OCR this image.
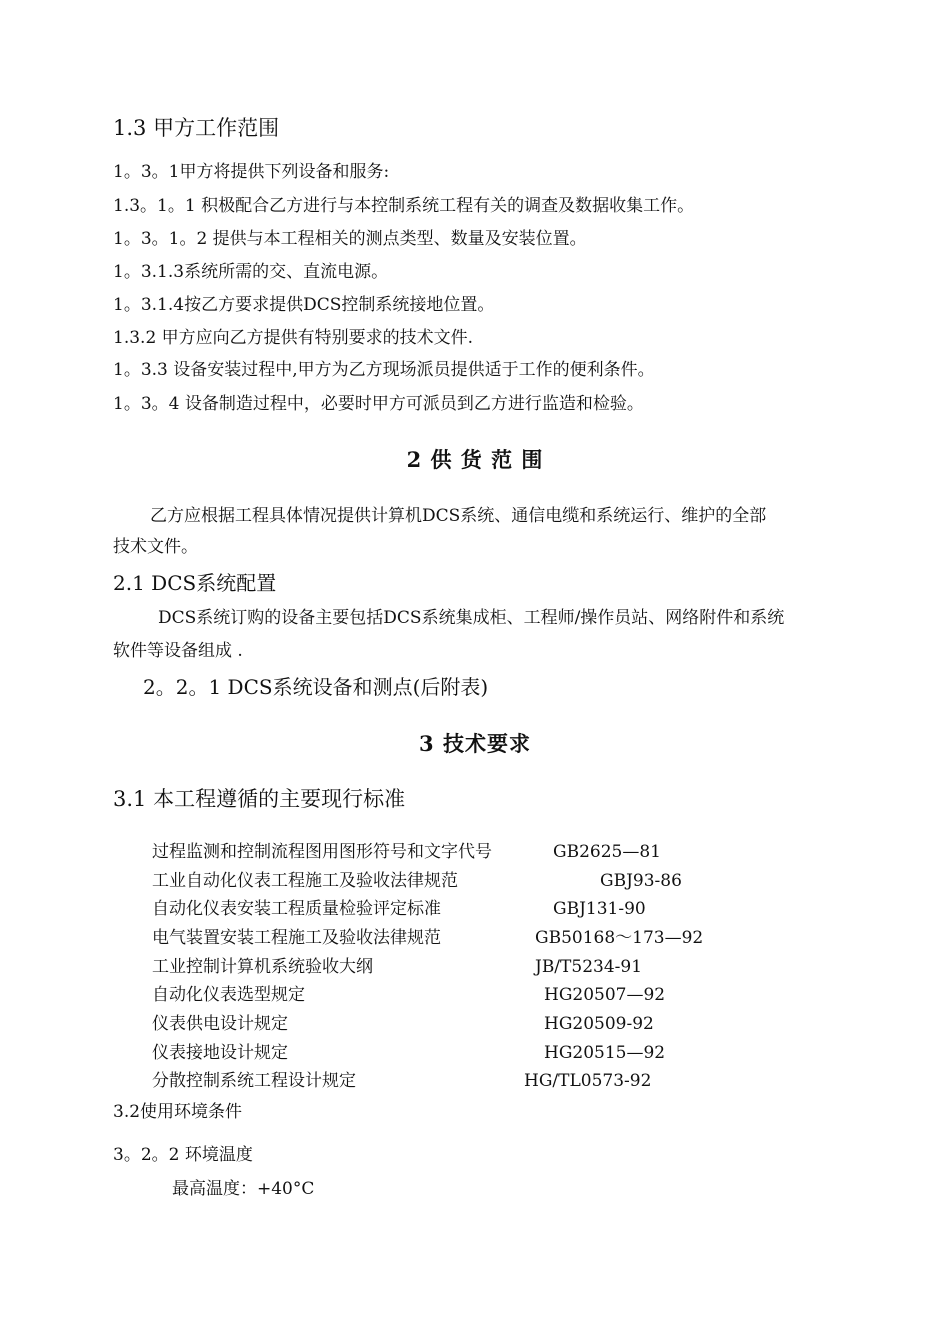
1.3 甲方工作范围
1。3。1甲方将提供下列设备和服务:
1.3。1。1 积极配合乙方进行与本控制系统工程有关的调查及数据收集工作。
1。3。1。2 提供与本工程相关的测点类型、数量及安装位置。
1。3.1.3系统所需的交、直流电源。
1。3.1.4按乙方要求提供DCS控制系统接地位置。
1.3.2 甲方应向乙方提供有特别要求的技术文件.
1。3.3 设备安装过程中,甲方为乙方现场派员提供适于工作的便利条件。
1。3。4 设备制造过程中，必要时甲方可派员到乙方进行监造和检验。
2 供 货 范 围
乙方应根据工程具体情况提供计算机DCS系统、通信电缆和系统运行、维护的全部
技术文件。
2.1 DCS系统配置
DCS系统订购的设备主要包括DCS系统集成柜、工程师/操作员站、网络附件和系统
软件等设备组成 .
2。2。1 DCS系统设备和测点(后附表)
3 技术要求
3.1 本工程遵循的主要现行标准
过程监测和控制流程图用图形符号和文字代号	GB2625—81
工业自动化仪表工程施工及验收法律规范	GBJ93-86
自动化仪表安装工程质量检验评定标准	GBJ131-90
电气装置安装工程施工及验收法律规范	GB50168～173—92
工业控制计算机系统验收大纲	JB/T5234-91
自动化仪表选型规定	HG20507—92
仪表供电设计规定	HG20509-92
仪表接地设计规定	HG20515—92
分散控制系统工程设计规定	HG/TL0573-92
3.2使用环境条件
3。2。2 环境温度
最高温度：+40°C
